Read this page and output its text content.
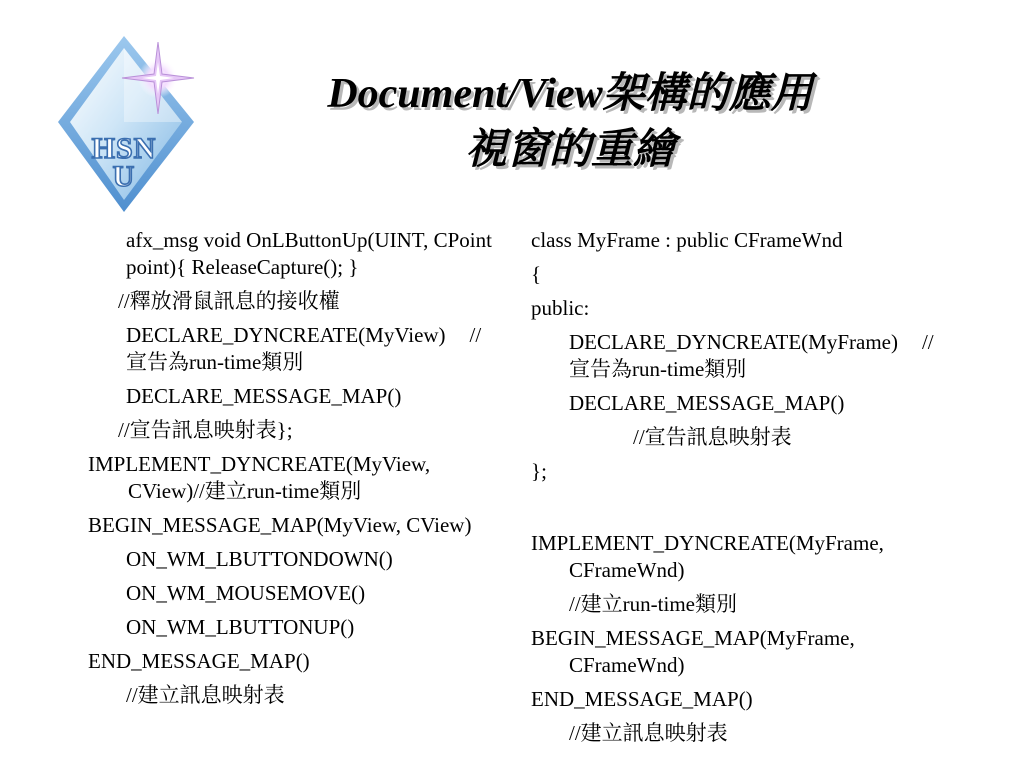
HSN
U
Document/View架構的應用
視窗的重繪
afx_msg void OnLButtonUp(UINT, CPoint point){ ReleaseCapture(); }
//釋放滑鼠訊息的接收權
DECLARE_DYNCREATE(MyView) //宣告為run-time類別
DECLARE_MESSAGE_MAP()
//宣告訊息映射表};
IMPLEMENT_DYNCREATE(MyView, CView)//建立run-time類別
BEGIN_MESSAGE_MAP(MyView, CView)
ON_WM_LBUTTONDOWN()
ON_WM_MOUSEMOVE()
ON_WM_LBUTTONUP()
END_MESSAGE_MAP()
//建立訊息映射表
class MyFrame : public CFrameWnd
{
public:
DECLARE_DYNCREATE(MyFrame) //宣告為run-time類別
DECLARE_MESSAGE_MAP()
//宣告訊息映射表
};
IMPLEMENT_DYNCREATE(MyFrame, CFrameWnd)
//建立run-time類別
BEGIN_MESSAGE_MAP(MyFrame, CFrameWnd)
END_MESSAGE_MAP()
//建立訊息映射表
